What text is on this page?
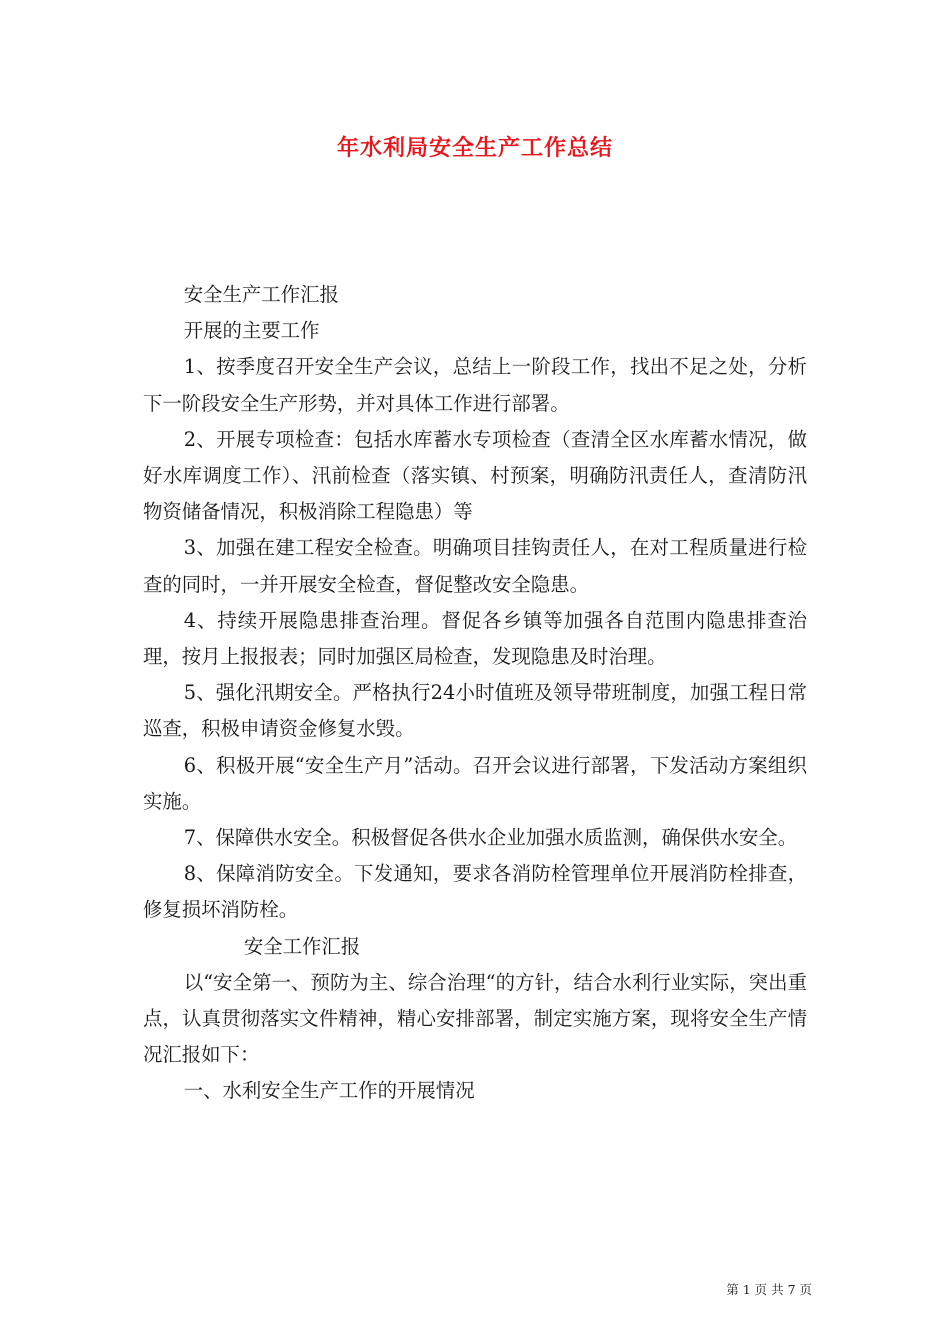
年水利局安全生产工作总结

安全生产工作汇报

开展的主要工作

1、按季度召开安全生产会议，总结上一阶段工作，找出不足之处，分析下一阶段安全生产形势，并对具体工作进行部署。

2、开展专项检查：包括水库蓄水专项检查（查清全区水库蓄水情况，做好水库调度工作）、汛前检查（落实镇、村预案，明确防汛责任人，查清防汛物资储备情况，积极消除工程隐患）等

3、加强在建工程安全检查。明确项目挂钩责任人，在对工程质量进行检查的同时，一并开展安全检查，督促整改安全隐患。

4、持续开展隐患排查治理。督促各乡镇等加强各自范围内隐患排查治理，按月上报报表；同时加强区局检查，发现隐患及时治理。

5、强化汛期安全。严格执行24小时值班及领导带班制度，加强工程日常巡查，积极申请资金修复水毁。

6、积极开展“安全生产月”活动。召开会议进行部署，下发活动方案组织实施。

7、保障供水安全。积极督促各供水企业加强水质监测，确保供水安全。

8、保障消防安全。下发通知，要求各消防栓管理单位开展消防栓排查，修复损坏消防栓。

安全工作汇报

以“安全第一、预防为主、综合治理“的方针，结合水利行业实际，突出重点，认真贯彻落实文件精神，精心安排部署，制定实施方案，现将安全生产情况汇报如下：

一、水利安全生产工作的开展情况

第 1 页 共 7 页
